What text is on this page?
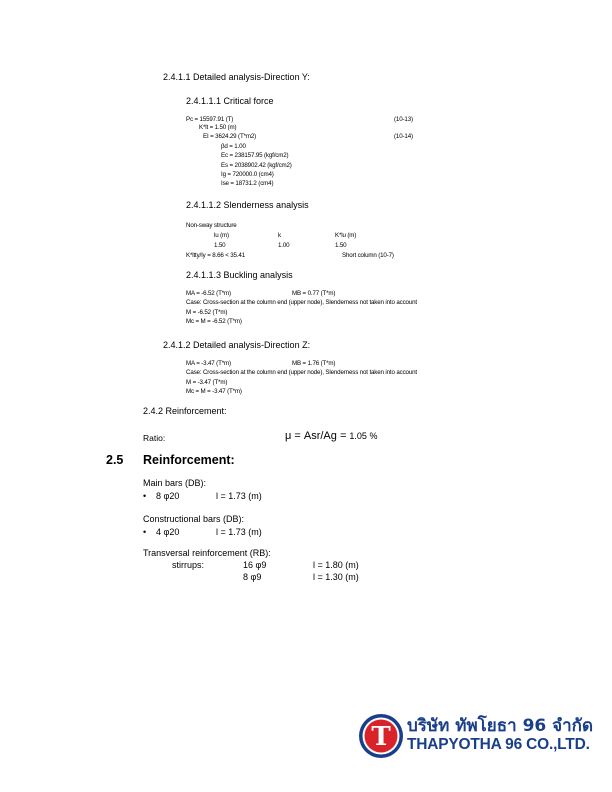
2.4.1.1 Detailed analysis-Direction Y:
2.4.1.1.1 Critical force
Pc = 15597.91 (T)	(10-13)
K*lt = 1.50 (m)
EI = 3624.29 (T*m2)	(10-14)
βd = 1.00
Ec = 238157.95 (kgf/cm2)
Es = 2038902.42 (kgf/cm2)
Ig = 720000.0 (cm4)
Ise = 18731.2 (cm4)
2.4.1.1.2 Slenderness analysis
Non-sway structure
lu (m)	k	K*lu (m)
1.50	1.00	1.50
K*ltty/Iy = 8.66 < 35.41	Short column (10-7)
2.4.1.1.3 Buckling analysis
MA = -6.52 (T*m)	MB = 0.77 (T*m)
Case: Cross-section at the column end (upper node), Slenderness not taken into account
M = -6.52 (T*m)
Mc = M = -6.52 (T*m)
2.4.1.2 Detailed analysis-Direction Z:
MA = -3.47 (T*m)	MB = 1.76 (T*m)
Case: Cross-section at the column end (upper node), Slenderness not taken into account
M = -3.47 (T*m)
Mc = M = -3.47 (T*m)
2.4.2 Reinforcement:
Ratio:	μ = Asr/Ag = 1.05 %
2.5 Reinforcement:
Main bars (DB):
• 8 φ20	l = 1.73 (m)
Constructional bars (DB):
• 4 φ20	l = 1.73 (m)
Transversal reinforcement (RB):
stirrups:	16 φ9	l = 1.80 (m)
8 φ9	l = 1.30 (m)
T บริษัท ทัพโยธา 96 จำกัด
THAPYOTHA 96 CO.,LTD.
